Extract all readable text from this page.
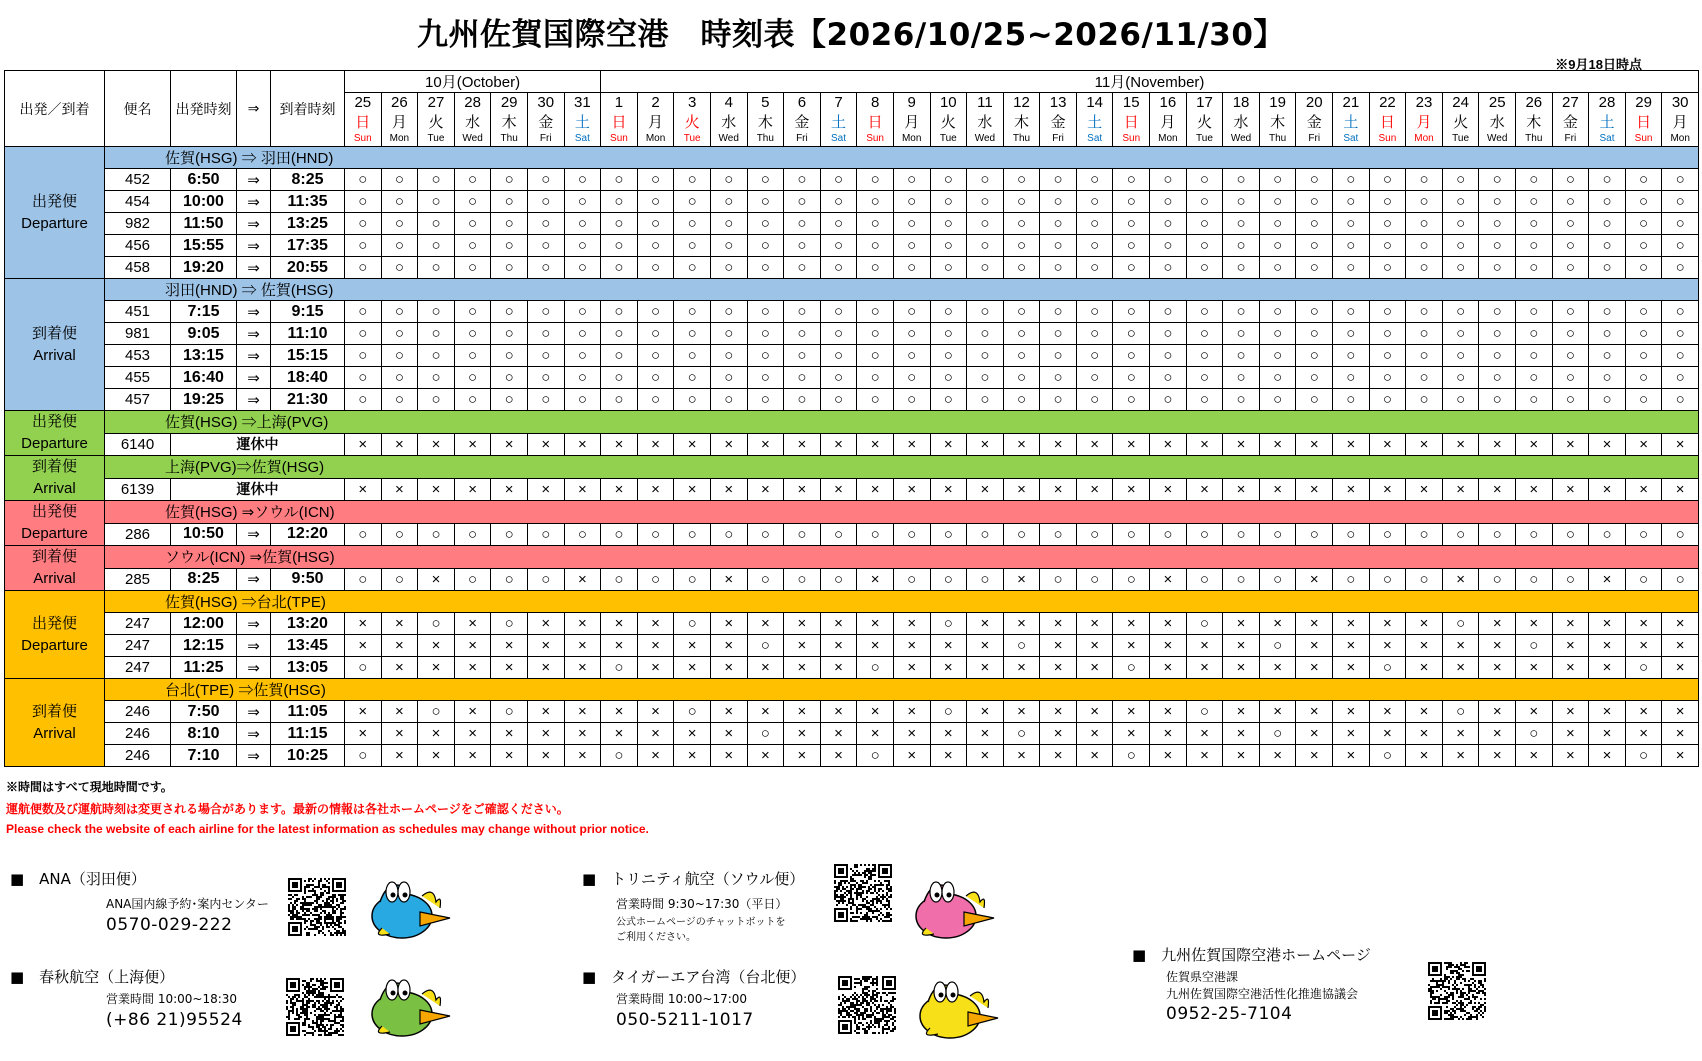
九州佐賀国際空港　時刻表【2026/10/25~2026/11/30】
※9月18日時点
出発／到着	便名	出発時刻	⇒	到着時刻	10月(October)							11月(November)																													
					25	26	27	28	29	30	31	1	2	3	4	5	6	7	8	9	10	11	12	13	14	15	16	17	18	19	20	21	22	23	24	25	26	27	28	29	30
					日	月	火	水	木	金	土	日	月	火	水	木	金	土	日	月	火	水	木	金	土	日	月	火	水	木	金	土	日	月	火	水	木	金	土	日	月
					Sun	Mon	Tue	Wed	Thu	Fri	Sat	Sun	Mon	Tue	Wed	Thu	Fri	Sat	Sun	Mon	Tue	Wed	Thu	Fri	Sat	Sun	Mon	Tue	Wed	Thu	Fri	Sat	Sun	Mon	Tue	Wed	Thu	Fri	Sat	Sun	Mon

出発便
Departure	佐賀(HSG) ⇒ 羽田(HND)																																								
	452	6:50	⇒	8:25	○	○	○	○	○	○	○	○	○	○	○	○	○	○	○	○	○	○	○	○	○	○	○	○	○	○	○	○	○	○	○	○	○	○	○	○	○
	454	10:00	⇒	11:35	○	○	○	○	○	○	○	○	○	○	○	○	○	○	○	○	○	○	○	○	○	○	○	○	○	○	○	○	○	○	○	○	○	○	○	○	○
	982	11:50	⇒	13:25	○	○	○	○	○	○	○	○	○	○	○	○	○	○	○	○	○	○	○	○	○	○	○	○	○	○	○	○	○	○	○	○	○	○	○	○	○
	456	15:55	⇒	17:35	○	○	○	○	○	○	○	○	○	○	○	○	○	○	○	○	○	○	○	○	○	○	○	○	○	○	○	○	○	○	○	○	○	○	○	○	○
	458	19:20	⇒	20:55	○	○	○	○	○	○	○	○	○	○	○	○	○	○	○	○	○	○	○	○	○	○	○	○	○	○	○	○	○	○	○	○	○	○	○	○	○

到着便
Arrival	羽田(HND) ⇒ 佐賀(HSG)																																								
	451	7:15	⇒	9:15	○	○	○	○	○	○	○	○	○	○	○	○	○	○	○	○	○	○	○	○	○	○	○	○	○	○	○	○	○	○	○	○	○	○	○	○	○
	981	9:05	⇒	11:10	○	○	○	○	○	○	○	○	○	○	○	○	○	○	○	○	○	○	○	○	○	○	○	○	○	○	○	○	○	○	○	○	○	○	○	○	○
	453	13:15	⇒	15:15	○	○	○	○	○	○	○	○	○	○	○	○	○	○	○	○	○	○	○	○	○	○	○	○	○	○	○	○	○	○	○	○	○	○	○	○	○
	455	16:40	⇒	18:40	○	○	○	○	○	○	○	○	○	○	○	○	○	○	○	○	○	○	○	○	○	○	○	○	○	○	○	○	○	○	○	○	○	○	○	○	○
	457	19:25	⇒	21:30	○	○	○	○	○	○	○	○	○	○	○	○	○	○	○	○	○	○	○	○	○	○	○	○	○	○	○	○	○	○	○	○	○	○	○	○	○
出発便	佐賀(HSG) ⇒上海(PVG)																																								
Departure	6140	運休中			×	×	×	×	×	×	×	×	×	×	×	×	×	×	×	×	×	×	×	×	×	×	×	×	×	×	×	×	×	×	×	×	×	×	×	×	×
到着便	上海(PVG)⇒佐賀(HSG)																																								
Arrival	6139	運休中			×	×	×	×	×	×	×	×	×	×	×	×	×	×	×	×	×	×	×	×	×	×	×	×	×	×	×	×	×	×	×	×	×	×	×	×	×
出発便	佐賀(HSG) ⇒ソウル(ICN)																																								
Departure	286	10:50	⇒	12:20	○	○	○	○	○	○	○	○	○	○	○	○	○	○	○	○	○	○	○	○	○	○	○	○	○	○	○	○	○	○	○	○	○	○	○	○	○
到着便	ソウル(ICN) ⇒佐賀(HSG)																																								
Arrival	285	8:25	⇒	9:50	○	○	×	○	○	○	×	○	○	○	×	○	○	○	×	○	○	○	×	○	○	○	×	○	○	○	×	○	○	○	×	○	○	○	×	○	○

出発便
Departure	佐賀(HSG) ⇒台北(TPE)																																								
	247	12:00	⇒	13:20	×	×	○	×	○	×	×	×	×	○	×	×	×	×	×	×	○	×	×	×	×	×	×	○	×	×	×	×	×	×	○	×	×	×	×	×	×
	247	12:15	⇒	13:45	×	×	×	×	×	×	×	×	×	×	×	○	×	×	×	×	×	×	○	×	×	×	×	×	×	○	×	×	×	×	×	×	○	×	×	×	×
	247	11:25	⇒	13:05	○	×	×	×	×	×	×	○	×	×	×	×	×	×	○	×	×	×	×	×	×	○	×	×	×	×	×	×	○	×	×	×	×	×	×	○	×

到着便
Arrival	台北(TPE) ⇒佐賀(HSG)																																								
	246	7:50	⇒	11:05	×	×	○	×	○	×	×	×	×	○	×	×	×	×	×	×	○	×	×	×	×	×	×	○	×	×	×	×	×	×	○	×	×	×	×	×	×
	246	8:10	⇒	11:15	×	×	×	×	×	×	×	×	×	×	×	○	×	×	×	×	×	×	○	×	×	×	×	×	×	○	×	×	×	×	×	×	○	×	×	×	×
	246	7:10	⇒	10:25	○	×	×	×	×	×	×	○	×	×	×	×	×	×	○	×	×	×	×	×	×	○	×	×	×	×	×	×	○	×	×	×	×	×	×	○	×
※時間はすべて現地時間です。
運航便数及び運航時刻は変更される場合があります。最新の情報は各社ホームページをご確認ください。
Please check the website of each airline for the latest information as schedules may change without prior notice.
■　ANA（羽田便）
ANA国内線予約･案内センター
0570-029-222
■　春秋航空（上海便）
営業時間 10:00~18:30
(+86 21)95524
■　トリニティ航空（ソウル便）
営業時間 9:30~17:30（平日）
公式ホームページのチャットボットを
ご利用ください。
■　タイガーエア台湾（台北便）
営業時間 10:00~17:00
050-5211-1017
■　九州佐賀国際空港ホームページ
佐賀県空港課
九州佐賀国際空港活性化推進協議会
0952-25-7104
